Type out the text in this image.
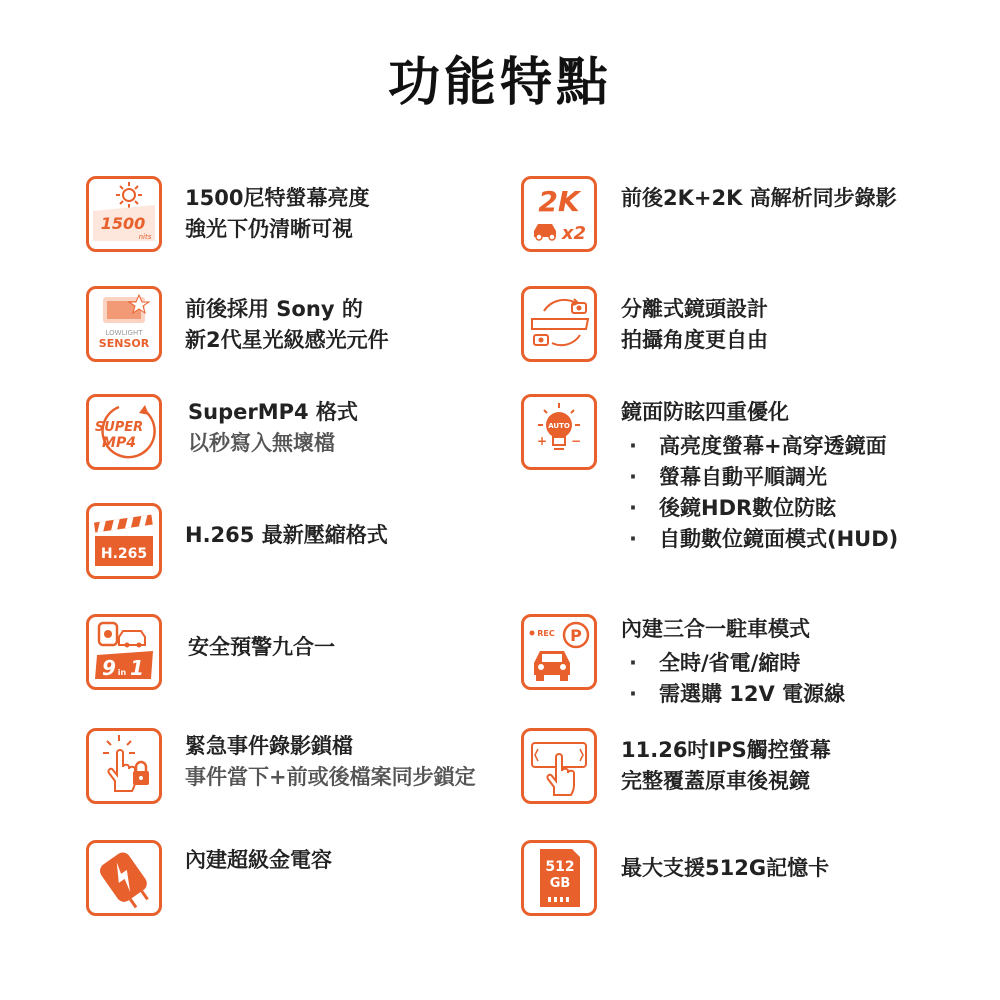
功能特點
1500
nits
1500尼特螢幕亮度
強光下仍清晰可視
2K
x2
前後2K+2K 高解析同步錄影
LOWLIGHT
SENSOR
前後採用 Sony 的
新2代星光級感光元件
分離式鏡頭設計
拍攝角度更自由
SUPER
MP4
SuperMP4 格式
以秒寫入無壞檔
AUTO
+ −
鏡面防眩四重優化
· 高亮度螢幕+高穿透鏡面
· 螢幕自動平順調光
· 後鏡HDR數位防眩
· 自動數位鏡面模式(HUD)
H.265
H.265 最新壓縮格式
9 in 1
安全預警九合一
REC P 內建三合一駐車模式
· 全時/省電/縮時
· 需選購 12V 電源線
緊急事件錄影鎖檔
事件當下+前或後檔案同步鎖定
11.26吋IPS觸控螢幕
完整覆蓋原車後視鏡
內建超級金電容	512
GB
最大支援512G記憶卡
